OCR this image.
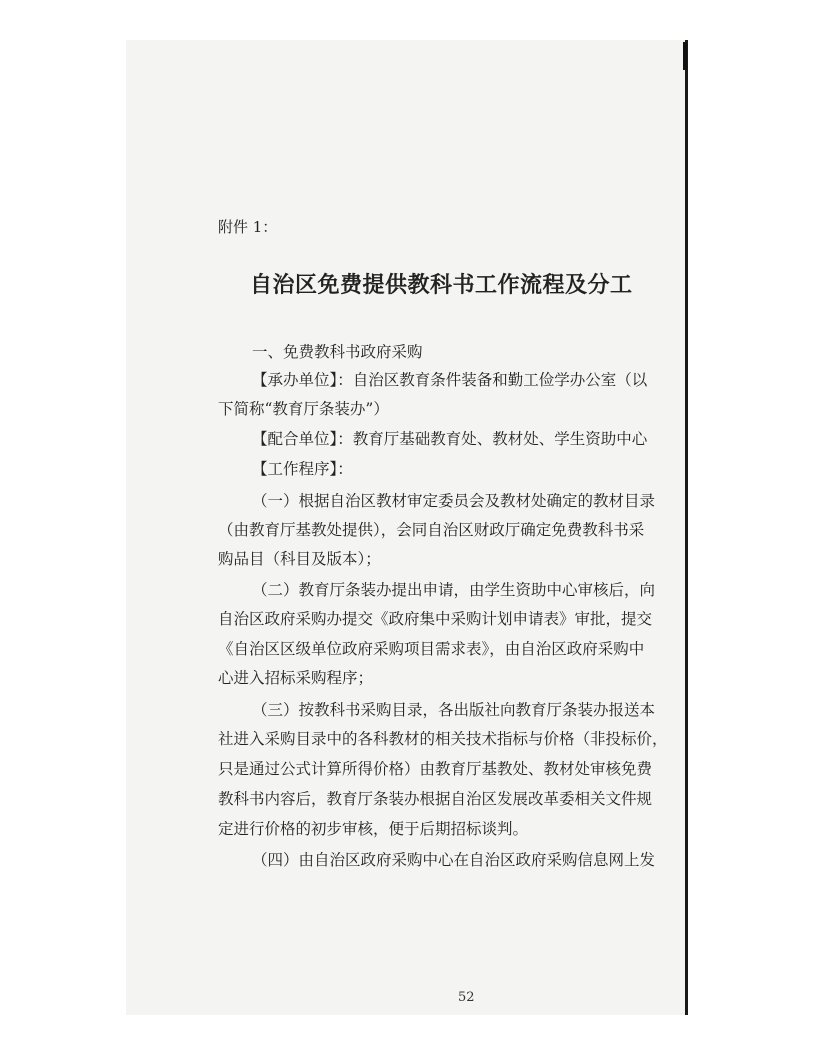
附件 1：
自治区免费提供教科书工作流程及分工
一、免费教科书政府采购
【承办单位】：自治区教育条件装备和勤工俭学办公室（以
下简称“教育厅条装办”）
【配合单位】：教育厅基础教育处、教材处、学生资助中心
【工作程序】：
（一）根据自治区教材审定委员会及教材处确定的教材目录
（由教育厅基教处提供），会同自治区财政厅确定免费教科书采
购品目（科目及版本）；
（二）教育厅条装办提出申请，由学生资助中心审核后，向
自治区政府采购办提交《政府集中采购计划申请表》审批，提交
《自治区区级单位政府采购项目需求表》，由自治区政府采购中
心进入招标采购程序；
（三）按教科书采购目录，各出版社向教育厅条装办报送本
社进入采购目录中的各科教材的相关技术指标与价格（非投标价，
只是通过公式计算所得价格）由教育厅基教处、教材处审核免费
教科书内容后，教育厅条装办根据自治区发展改革委相关文件规
定进行价格的初步审核，便于后期招标谈判。
（四）由自治区政府采购中心在自治区政府采购信息网上发
52
